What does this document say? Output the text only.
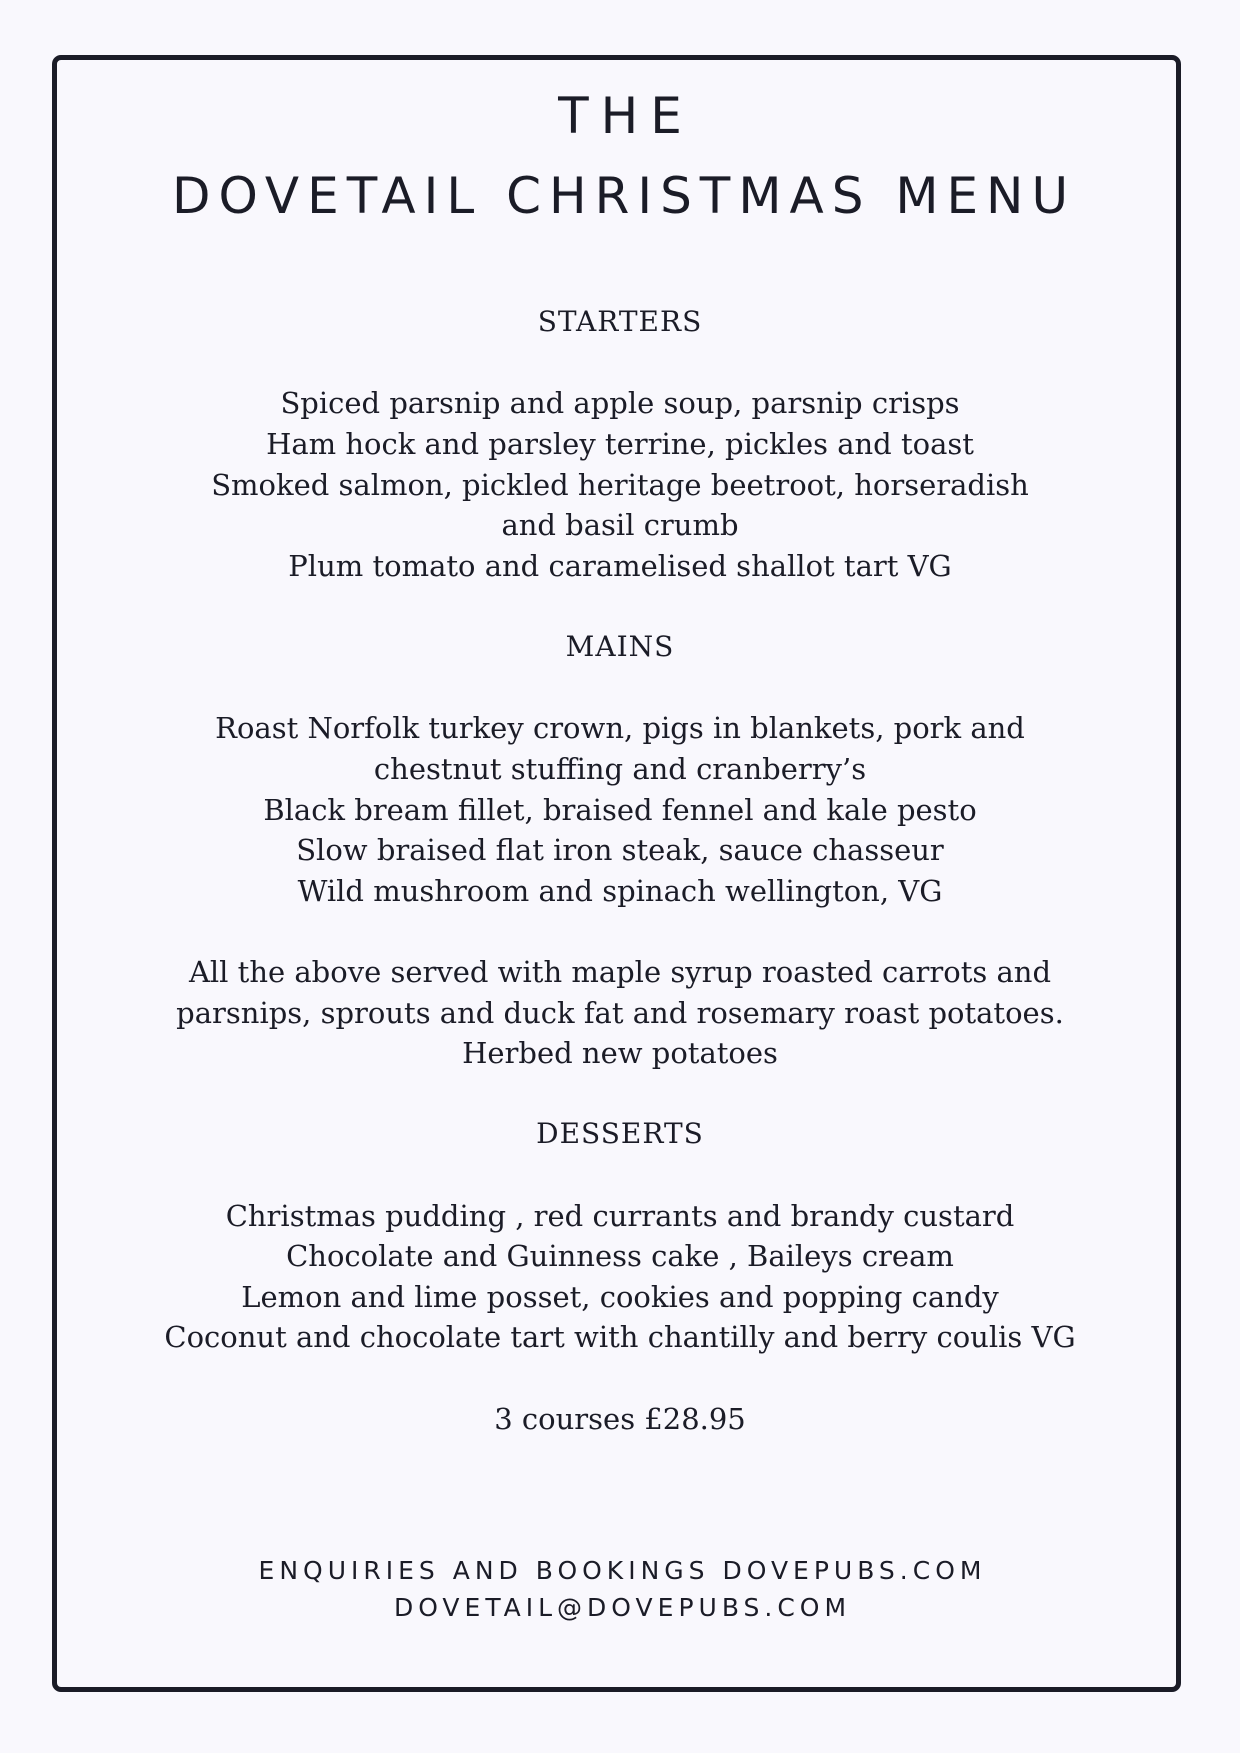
THE
DOVETAIL CHRISTMAS MENU
STARTERS
Spiced parsnip and apple soup, parsnip crisps
Ham hock and parsley terrine, pickles and toast
Smoked salmon, pickled heritage beetroot, horseradish
and basil crumb
Plum tomato and caramelised shallot tart VG
MAINS
Roast Norfolk turkey crown, pigs in blankets, pork and
chestnut stuffing and cranberry’s
Black bream fillet, braised fennel and kale pesto
Slow braised flat iron steak, sauce chasseur
Wild mushroom and spinach wellington, VG
All the above served with maple syrup roasted carrots and
parsnips, sprouts and duck fat and rosemary roast potatoes.
Herbed new potatoes
DESSERTS
Christmas pudding , red currants and brandy custard
Chocolate and Guinness cake , Baileys cream
Lemon and lime posset, cookies and popping candy
Coconut and chocolate tart with chantilly and berry coulis VG
3 courses £28.95
ENQUIRIES AND BOOKINGS DOVEPUBS.COM
DOVETAIL@DOVEPUBS.COM
